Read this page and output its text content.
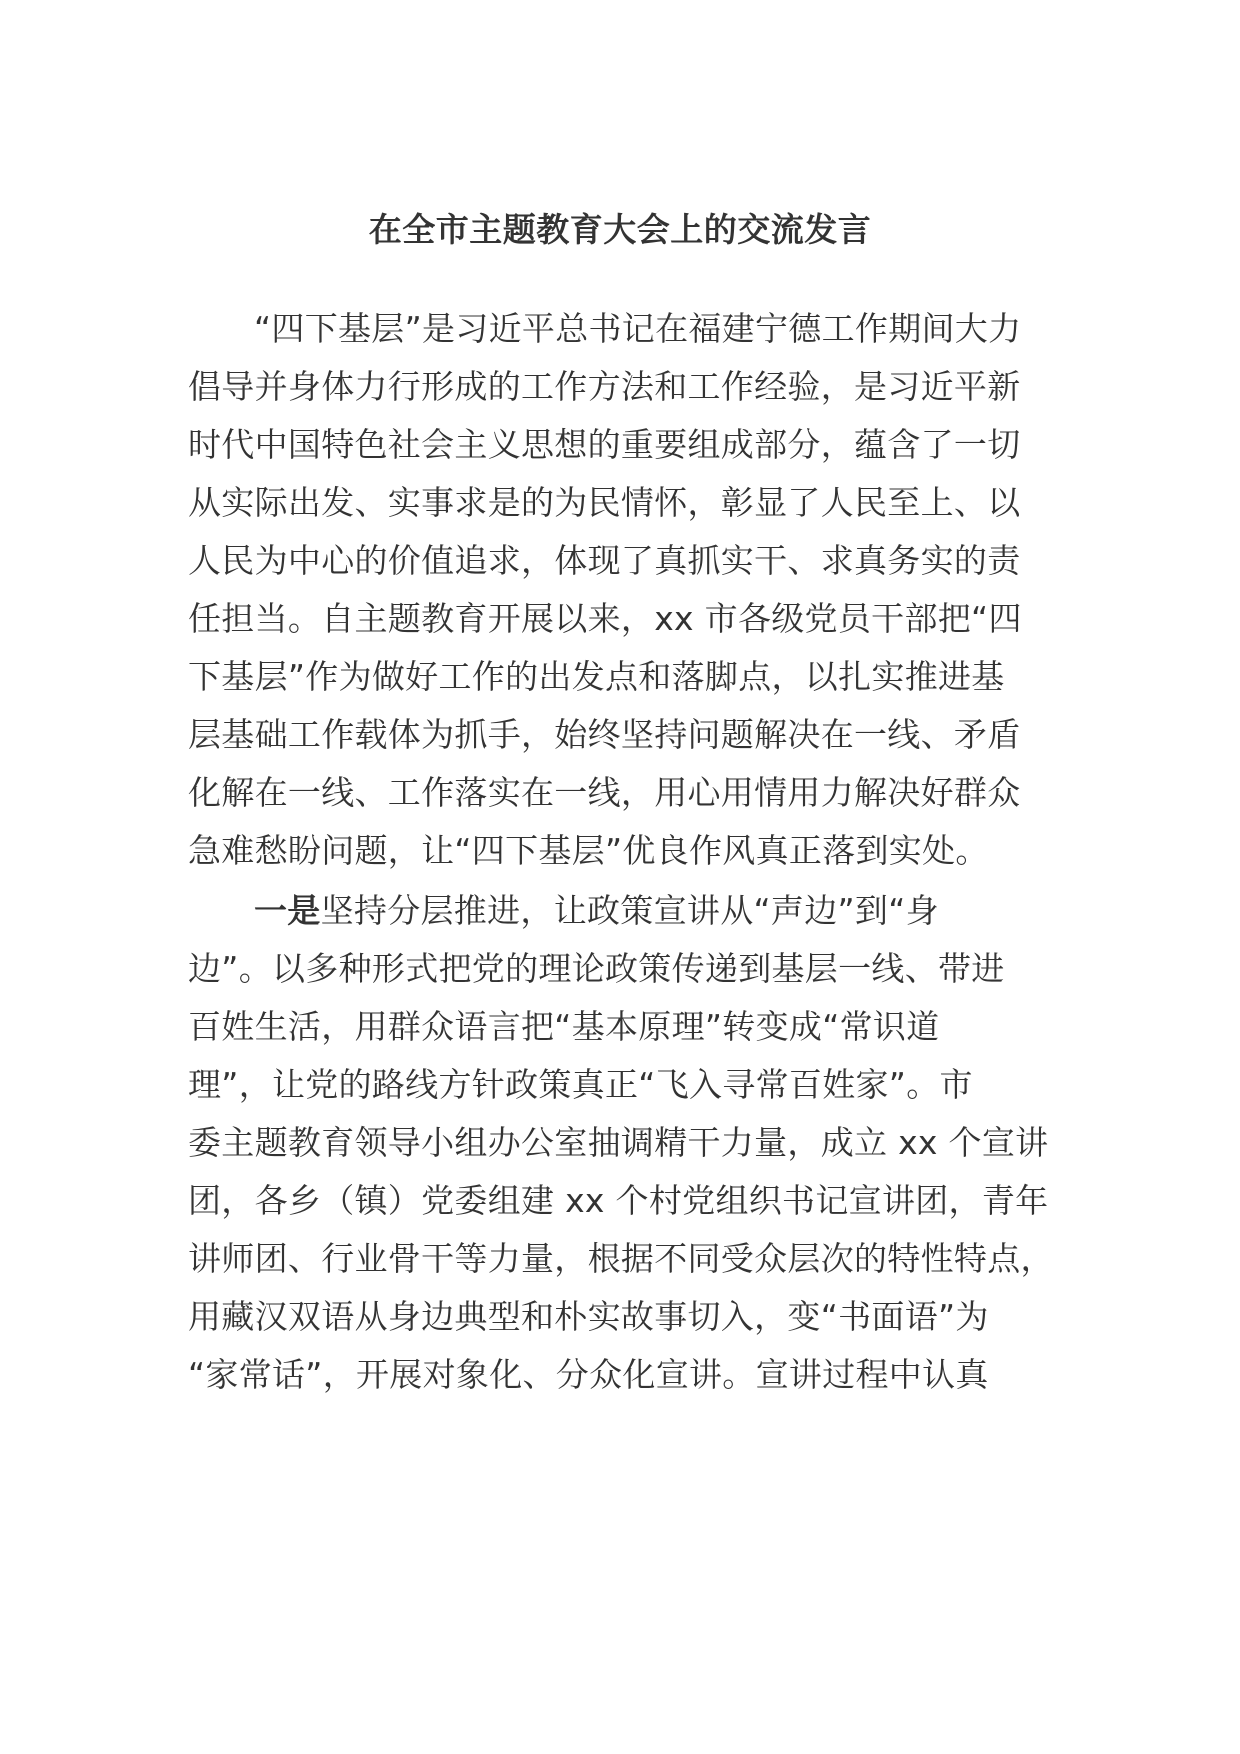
在全市主题教育大会上的交流发言
“四下基层”是习近平总书记在福建宁德工作期间大力
倡导并身体力行形成的工作方法和工作经验，是习近平新
时代中国特色社会主义思想的重要组成部分，蕴含了一切
从实际出发、实事求是的为民情怀，彰显了人民至上、以
人民为中心的价值追求，体现了真抓实干、求真务实的责
任担当。自主题教育开展以来，xx 市各级党员干部把“四
下基层”作为做好工作的出发点和落脚点，以扎实推进基
层基础工作载体为抓手，始终坚持问题解决在一线、矛盾
化解在一线、工作落实在一线，用心用情用力解决好群众
急难愁盼问题，让“四下基层”优良作风真正落到实处。
一是坚持分层推进，让政策宣讲从“声边”到“身
边”。以多种形式把党的理论政策传递到基层一线、带进
百姓生活，用群众语言把“基本原理”转变成“常识道
理”，让党的路线方针政策真正“飞入寻常百姓家”。市
委主题教育领导小组办公室抽调精干力量，成立 xx 个宣讲
团，各乡（镇）党委组建 xx 个村党组织书记宣讲团，青年
讲师团、行业骨干等力量，根据不同受众层次的特性特点，
用藏汉双语从身边典型和朴实故事切入，变“书面语”为
“家常话”，开展对象化、分众化宣讲。宣讲过程中认真
